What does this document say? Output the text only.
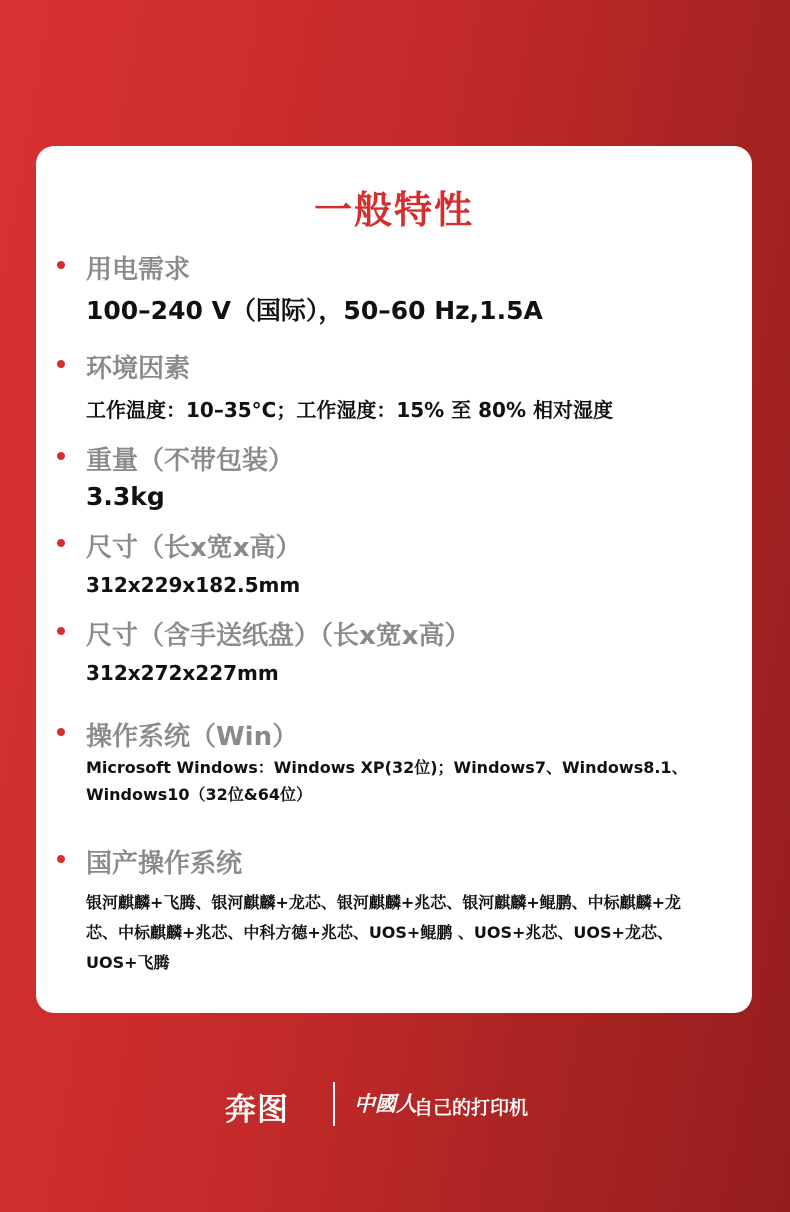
一般特性
用电需求
100–240 V（国际），50–60 Hz,1.5A
环境因素
工作温度：10–35°C；工作湿度：15% 至 80% 相对湿度
重量（不带包装）
3.3kg
尺寸（长x宽x高）
312x229x182.5mm
尺寸（含手送纸盘）（长x宽x高）
312x272x227mm
操作系统（Win）
Microsoft Windows：Windows XP(32位)；Windows7、Windows8.1、Windows10（32位&64位）
国产操作系统
银河麒麟+飞腾、银河麒麟+龙芯、银河麒麟+兆芯、银河麒麟+鲲鹏、中标麒麟+龙芯、中标麒麟+兆芯、中科方德+兆芯、UOS+鲲鹏 、UOS+兆芯、UOS+龙芯、UOS+飞腾
奔图	中國人
自己的打印机
